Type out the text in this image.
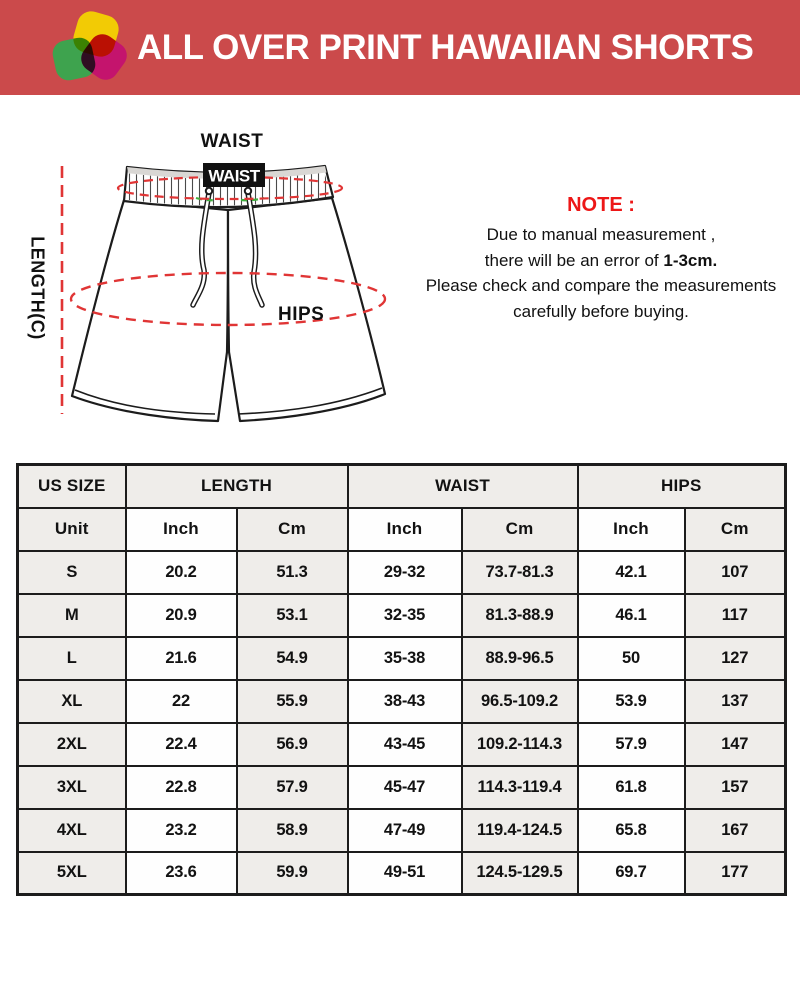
ALL OVER PRINT HAWAIIAN SHORTS
WAIST
WAIST
HIPS
LENGTH(C)
NOTE :
Due to manual measurement ,
there will be an error of 1-3cm.
Please check and compare the measurements
carefully before buying.
US SIZE	LENGTH		WAIST		HIPS	
Unit	Inch	Cm	Inch	Cm	Inch	Cm
S	20.2	51.3	29-32	73.7-81.3	42.1	107
M	20.9	53.1	32-35	81.3-88.9	46.1	117
L	21.6	54.9	35-38	88.9-96.5	50	127
XL	22	55.9	38-43	96.5-109.2	53.9	137
2XL	22.4	56.9	43-45	109.2-114.3	57.9	147
3XL	22.8	57.9	45-47	114.3-119.4	61.8	157
4XL	23.2	58.9	47-49	119.4-124.5	65.8	167
5XL	23.6	59.9	49-51	124.5-129.5	69.7	177
